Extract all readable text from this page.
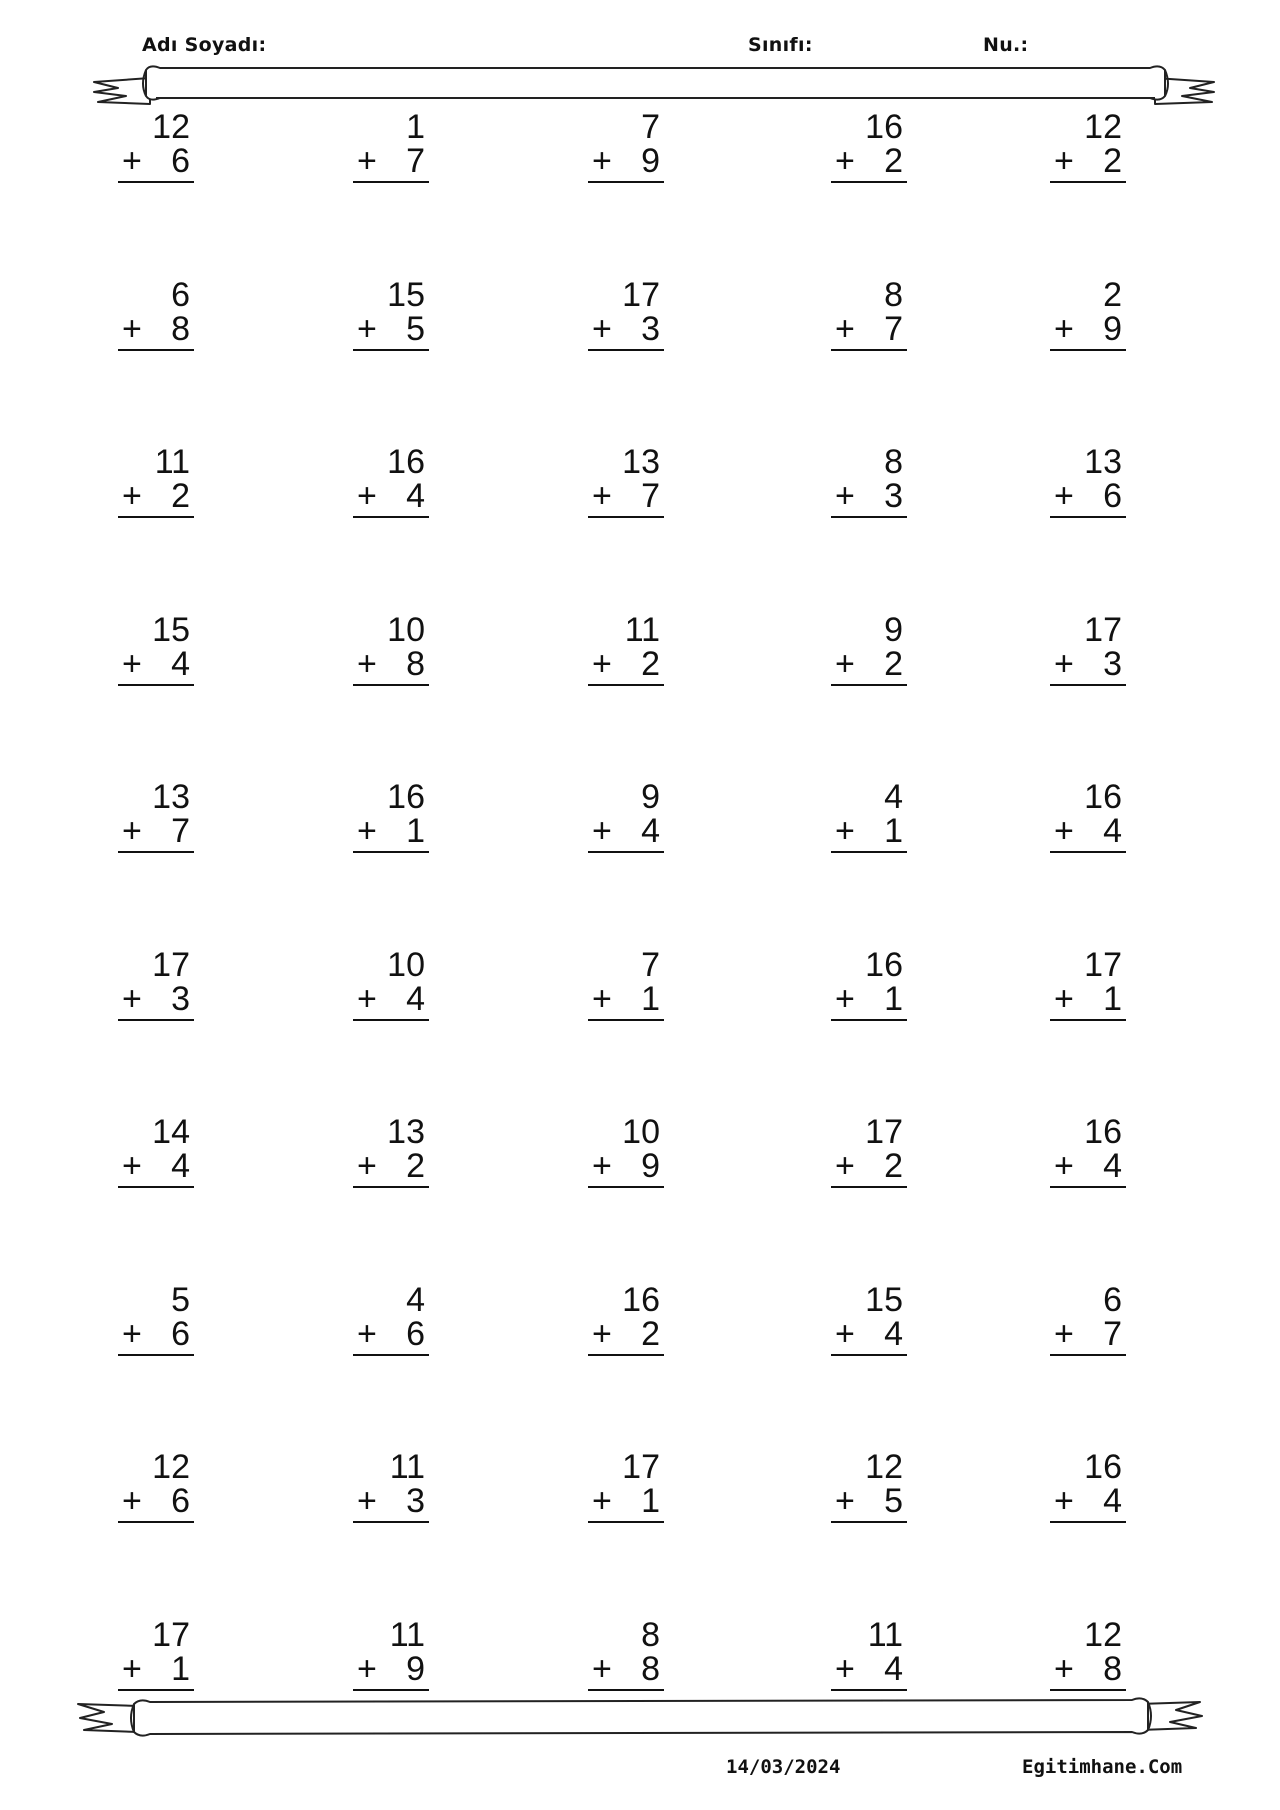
Adı Soyadı:	Sınıfı:	Nu.:
12
+ 6
1
+ 7
7
+ 9
16
+ 2
12
+ 2
6
+ 8
15
+ 5
17
+ 3
8
+ 7
2
+ 9
11
+ 2
16
+ 4
13
+ 7
8
+ 3
13
+ 6
15
+ 4
10
+ 8
11
+ 2
9
+ 2
17
+ 3
13
+ 7
16
+ 1
9
+ 4
4
+ 1
16
+ 4
17
+ 3
10
+ 4
7
+ 1
16
+ 1
17
+ 1
14
+ 4
13
+ 2
10
+ 9
17
+ 2
16
+ 4
5
+ 6
4
+ 6
16
+ 2
15
+ 4
6
+ 7
12
+ 6
11
+ 3
17
+ 1
12
+ 5
16
+ 4
17
+ 1
11
+ 9
8
+ 8
11
+ 4
12
+ 8
14/03/2024	Egitimhane.Com
